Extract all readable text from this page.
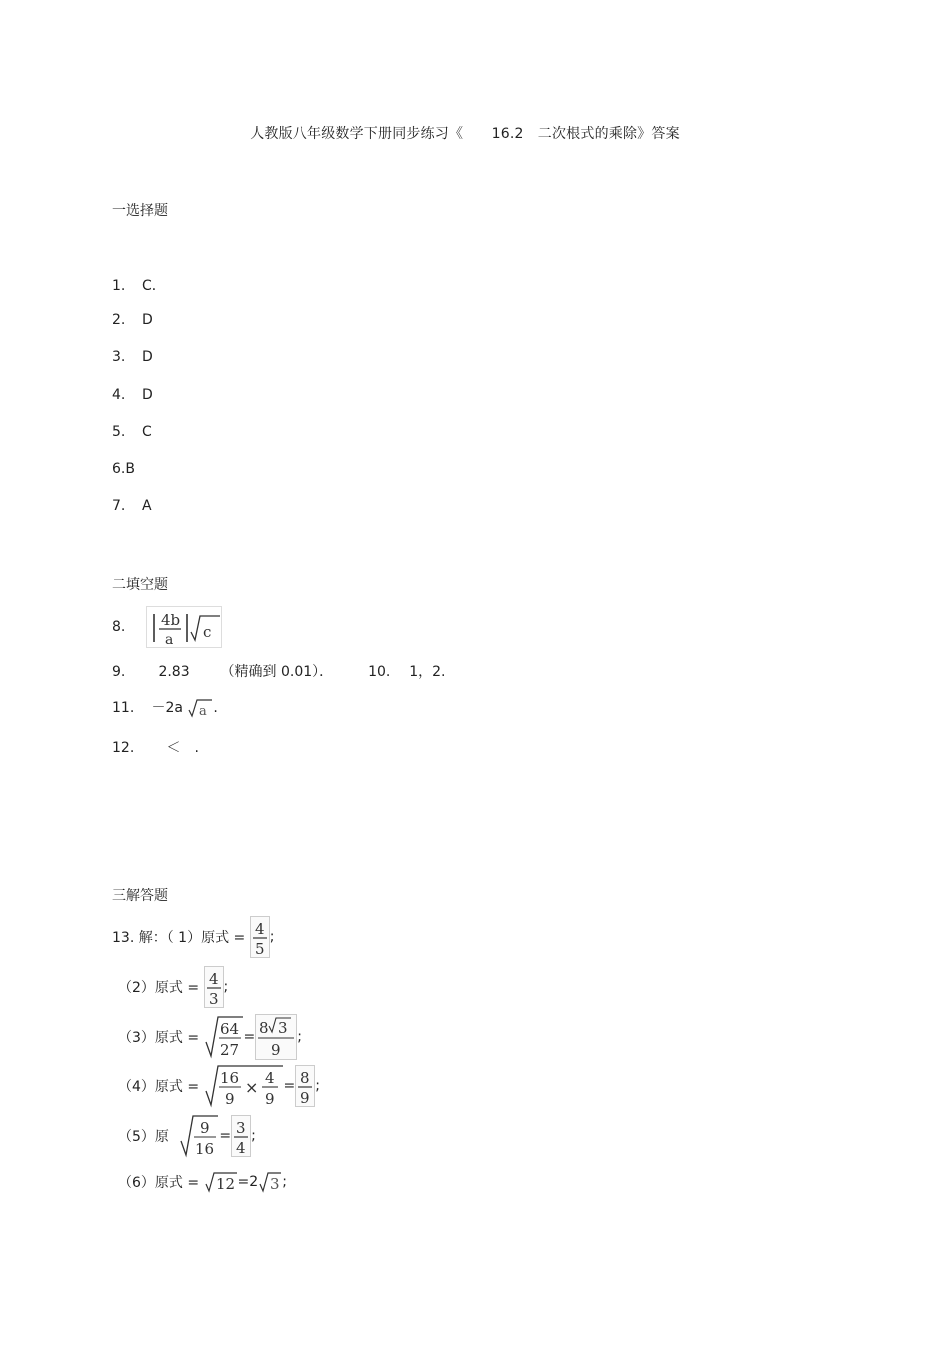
人教版八年级数学下册同步练习《　　16.2　二次根式的乘除》答案
一选择题
1. C．
2. D
3. D
4. D
5. C
6.B
7. A
二填空题
8. 4b
a c
9. 2.83 （精确到 0.01）． 10. 1，2.
11. －2a a .
12. ＜　.
三解答题
13. 解：（ 1）原式 = 4
5
;
（2）原式 = 4
3
;
（3）原式 = 64
27
= 8 3
9
;
（4）原式 = 16
9
× 4
9
= 8
9
;
（5）原 9
16
= 3
4
;
（6）原式 = 12 =2 3 ;
